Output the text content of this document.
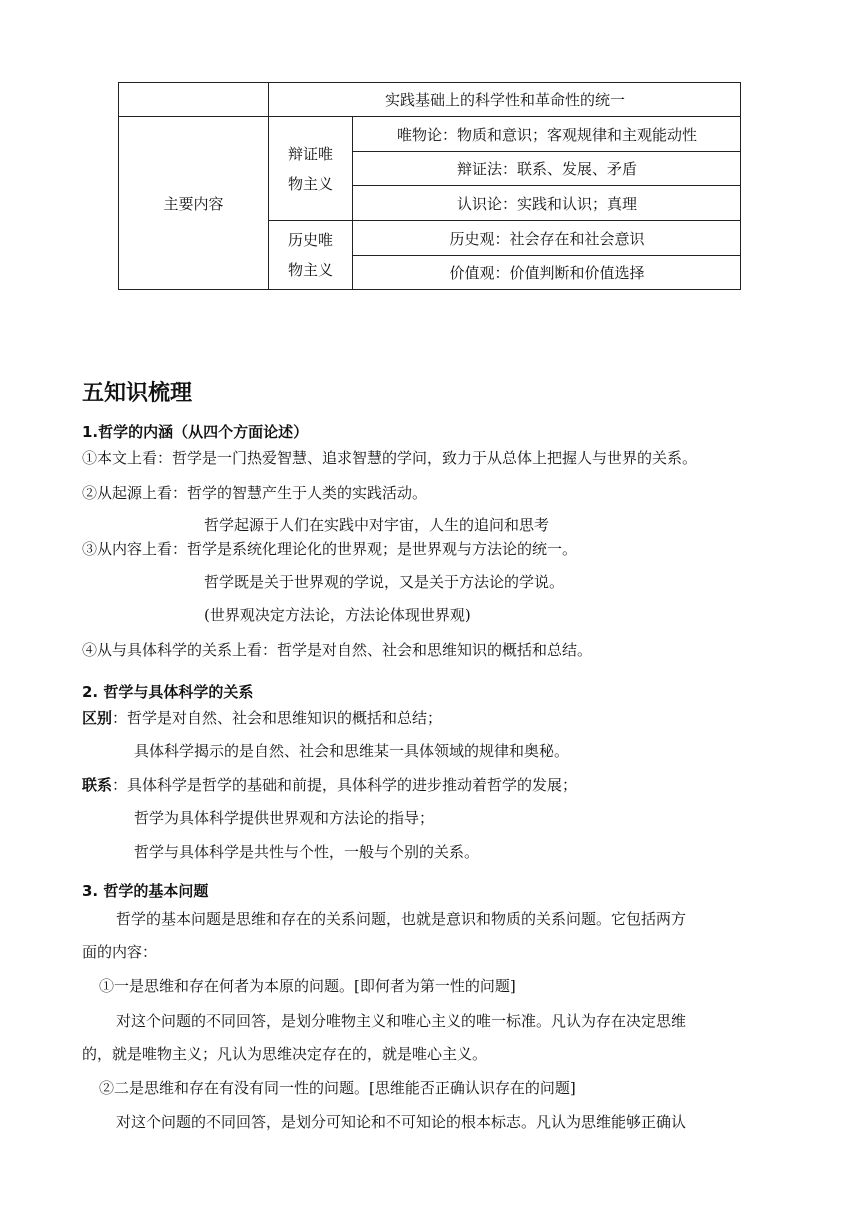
实践基础上的科学性和革命性的统一
主要内容
辩证唯
物主义
唯物论：物质和意识；客观规律和主观能动性
辩证法：联系、发展、矛盾
认识论：实践和认识；真理
历史唯
物主义
历史观：社会存在和社会意识
价值观：价值判断和价值选择
五知识梳理
1.哲学的内涵（从四个方面论述）
①本文上看：哲学是一门热爱智慧、追求智慧的学问，致力于从总体上把握人与世界的关系。
②从起源上看：哲学的智慧产生于人类的实践活动。
哲学起源于人们在实践中对宇宙，人生的追问和思考
③从内容上看：哲学是系统化理论化的世界观；是世界观与方法论的统一。
哲学既是关于世界观的学说，又是关于方法论的学说。
(世界观决定方法论，方法论体现世界观)
④从与具体科学的关系上看：哲学是对自然、社会和思维知识的概括和总结。
2. 哲学与具体科学的关系
区别：哲学是对自然、社会和思维知识的概括和总结；
具体科学揭示的是自然、社会和思维某一具体领域的规律和奥秘。
联系：具体科学是哲学的基础和前提，具体科学的进步推动着哲学的发展；
哲学为具体科学提供世界观和方法论的指导；
哲学与具体科学是共性与个性，一般与个别的关系。
3. 哲学的基本问题
哲学的基本问题是思维和存在的关系问题，也就是意识和物质的关系问题。它包括两方
面的内容：
①一是思维和存在何者为本原的问题。[即何者为第一性的问题]
对这个问题的不同回答，是划分唯物主义和唯心主义的唯一标准。凡认为存在决定思维
的，就是唯物主义；凡认为思维决定存在的，就是唯心主义。
②二是思维和存在有没有同一性的问题。[思维能否正确认识存在的问题]
对这个问题的不同回答，是划分可知论和不可知论的根本标志。凡认为思维能够正确认
